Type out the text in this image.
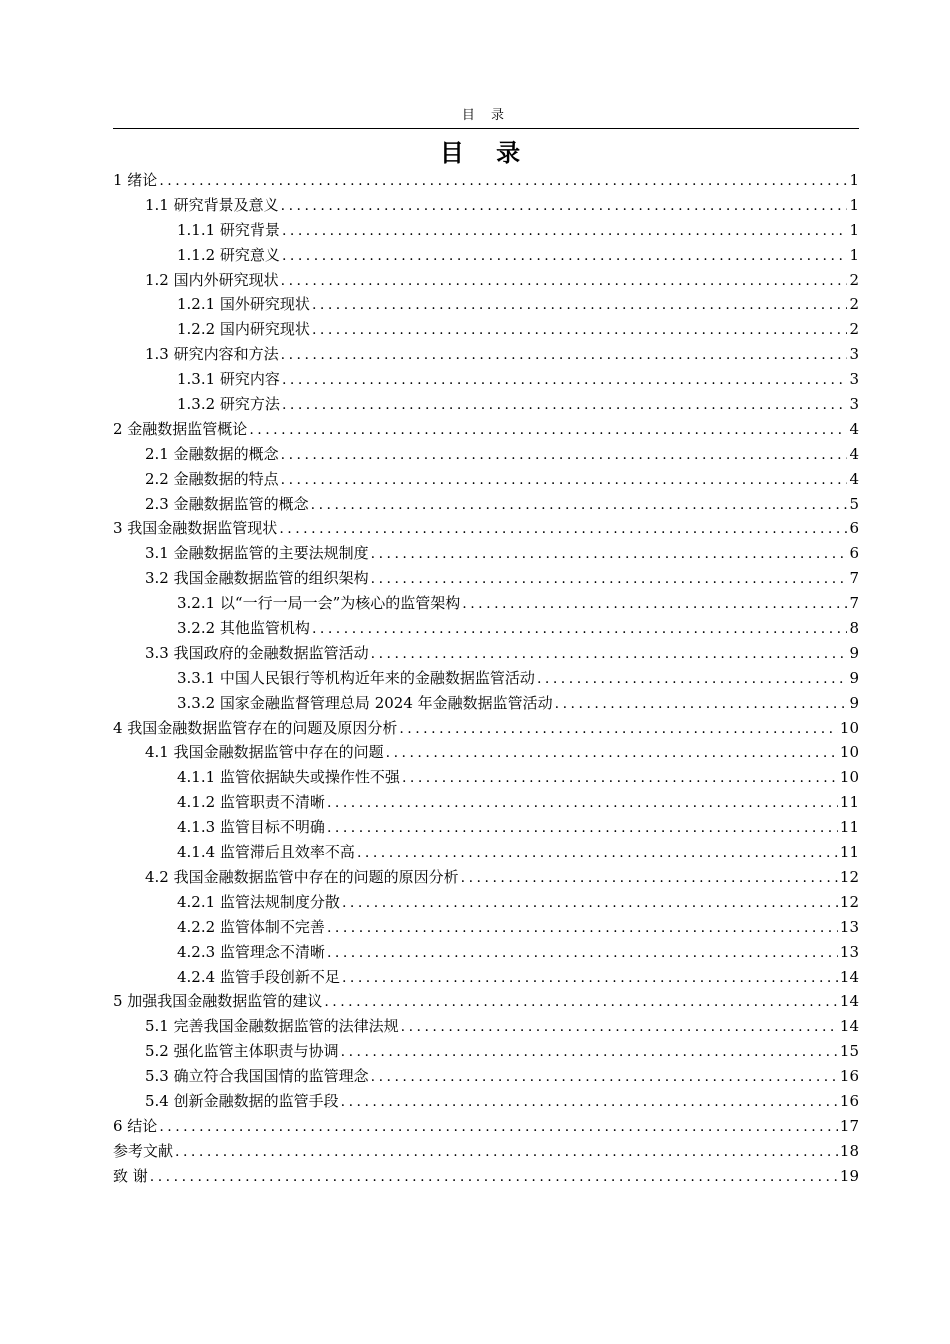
目 录
目 录
1 绪论 .....	1
1.1 研究背景及意义 .....	1
1.1.1 研究背景 .....	1
1.1.2 研究意义 .....	1
1.2 国内外研究现状 .....	2
1.2.1 国外研究现状 .....	2
1.2.2 国内研究现状 .....	2
1.3 研究内容和方法 .....	3
1.3.1 研究内容 .....	3
1.3.2 研究方法 .....	3
2 金融数据监管概论 .....	4
2.1 金融数据的概念 .....	4
2.2 金融数据的特点 .....	4
2.3 金融数据监管的概念 .....	5
3 我国金融数据监管现状 .....	6
3.1 金融数据监管的主要法规制度 .....	6
3.2 我国金融数据监管的组织架构 .....	7
3.2.1 以“一行一局一会”为核心的监管架构 .....	7
3.2.2 其他监管机构 .....	8
3.3 我国政府的金融数据监管活动 .....	9
3.3.1 中国人民银行等机构近年来的金融数据监管活动 .....	9
3.3.2 国家金融监督管理总局 2024 年金融数据监管活动 .....	9
4 我国金融数据监管存在的问题及原因分析 .....	10
4.1 我国金融数据监管中存在的问题 .....	10
4.1.1 监管依据缺失或操作性不强 .....	10
4.1.2 监管职责不清晰 .....	11
4.1.3 监管目标不明确 .....	11
4.1.4 监管滞后且效率不高 .....	11
4.2 我国金融数据监管中存在的问题的原因分析 .....	12
4.2.1 监管法规制度分散 .....	12
4.2.2 监管体制不完善 .....	13
4.2.3 监管理念不清晰 .....	13
4.2.4 监管手段创新不足 .....	14
5 加强我国金融数据监管的建议 .....	14
5.1 完善我国金融数据监管的法律法规 .....	14
5.2 强化监管主体职责与协调 .....	15
5.3 确立符合我国国情的监管理念 .....	16
5.4 创新金融数据的监管手段 .....	16
6 结论 .....	17
参考文献 .....	18
致 谢 .....	19
